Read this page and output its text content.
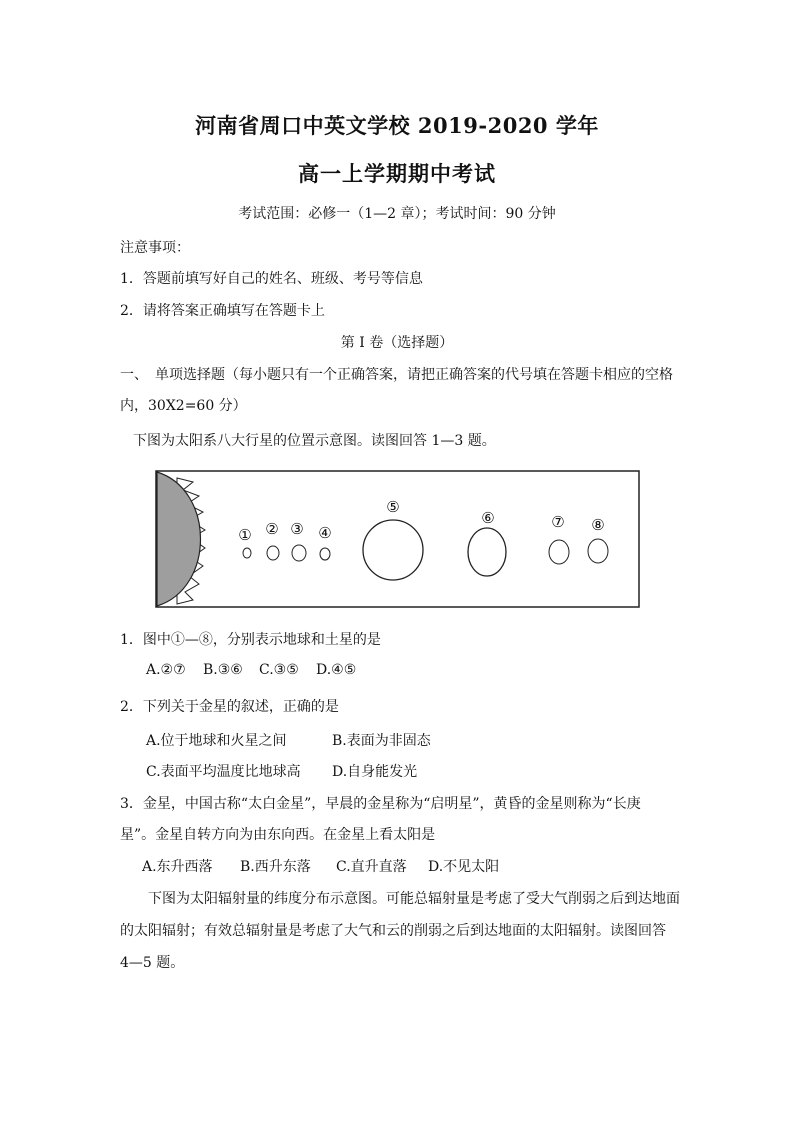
河南省周口中英文学校 2019-2020 学年
高一上学期期中考试
考试范围：必修一（1—2 章）；考试时间：90 分钟
注意事项：
1．答题前填写好自己的姓名、班级、考号等信息
2．请将答案正确填写在答题卡上
第 I 卷（选择题）
一、　单项选择题（每小题只有一个正确答案，请把正确答案的代号填在答题卡相应的空格
内，30X2=60 分）
下图为太阳系八大行星的位置示意图。读图回答 1—3 题。
① ② ③ ④
⑤
⑥	⑦ ⑧
1．图中①—⑧，分别表示地球和土星的是
A.②⑦ B.③⑥ C.③⑤ D.④⑤
2．下列关于金星的叙述，正确的是
A.位于地球和火星之间	B.表面为非固态
C.表面平均温度比地球高 D.自身能发光
3．金星，中国古称“太白金星”，早晨的金星称为“启明星”，黄昏的金星则称为“长庚
星”。金星自转方向为由东向西。在金星上看太阳是
A.东升西落 B.西升东落 C.直升直落 D.不见太阳
下图为太阳辐射量的纬度分布示意图。可能总辐射量是考虑了受大气削弱之后到达地面
的太阳辐射；有效总辐射量是考虑了大气和云的削弱之后到达地面的太阳辐射。读图回答
4—5 题。
